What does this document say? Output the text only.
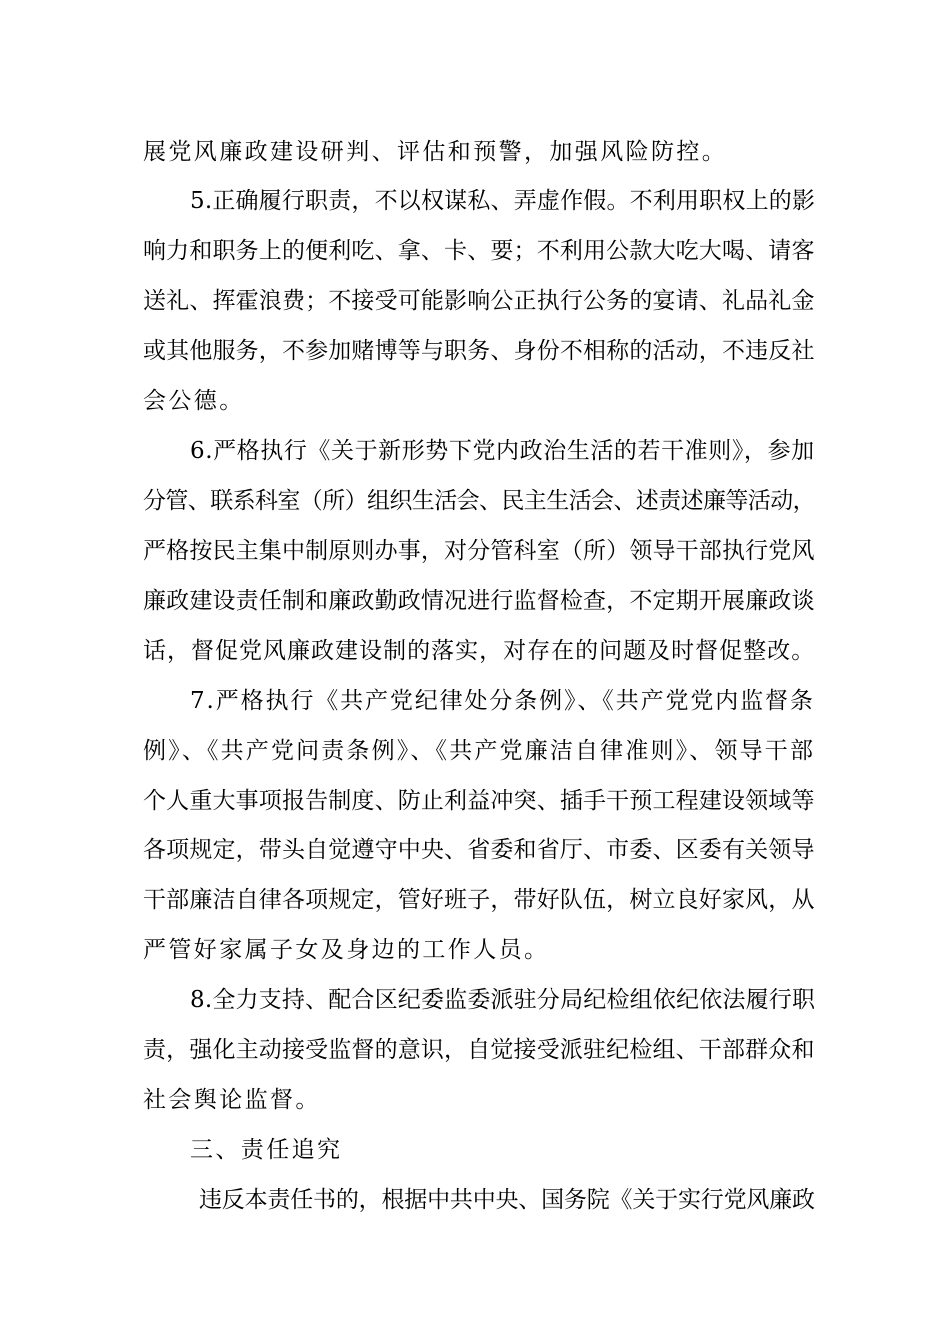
展党风廉政建设研判、评估和预警，加强风险防控。
5.正确履行职责，不以权谋私、弄虚作假。不利用职权上的影
响力和职务上的便利吃、拿、卡、要；不利用公款大吃大喝、请客
送礼、挥霍浪费；不接受可能影响公正执行公务的宴请、礼品礼金
或其他服务，不参加赌博等与职务、身份不相称的活动，不违反社
会公德。
6.严格执行《关于新形势下党内政治生活的若干准则》，参加
分管、联系科室（所）组织生活会、民主生活会、述责述廉等活动，
严格按民主集中制原则办事，对分管科室（所）领导干部执行党风
廉政建设责任制和廉政勤政情况进行监督检查，不定期开展廉政谈
话，督促党风廉政建设制的落实，对存在的问题及时督促整改。
7.严格执行《共产党纪律处分条例》、《共产党党内监督条
例》、《共产党问责条例》、《共产党廉洁自律准则》、领导干部
个人重大事项报告制度、防止利益冲突、插手干预工程建设领域等
各项规定，带头自觉遵守中央、省委和省厅、市委、区委有关领导
干部廉洁自律各项规定，管好班子，带好队伍，树立良好家风，从
严管好家属子女及身边的工作人员。
8.全力支持、配合区纪委监委派驻分局纪检组依纪依法履行职
责，强化主动接受监督的意识，自觉接受派驻纪检组、干部群众和
社会舆论监督。
三、责任追究
违反本责任书的，根据中共中央、国务院《关于实行党风廉政
